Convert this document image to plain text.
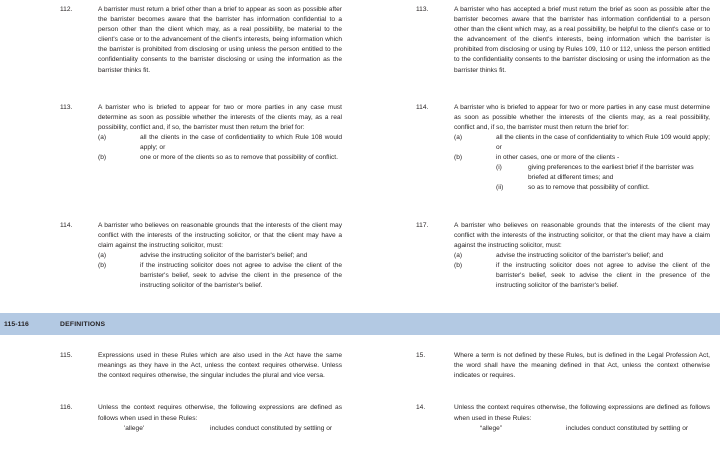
112.	A barrister must return a brief other than a brief to appear as soon as possible after the barrister becomes aware that the barrister has information confidential to a person other than the client which may, as a real possibility, be material to the client's case or to the advancement of the client's interests, being information which the barrister is prohibited from disclosing or using unless the person entitled to the confidentiality consents to the barrister disclosing or using the information as the barrister thinks fit.
113.	A barrister who has accepted a brief must return the brief as soon as possible after the barrister becomes aware that the barrister has information confidential to a person other than the client which may, as a real possibility, be helpful to the client's case or to the advancement of the client's interests, being information which the barrister is prohibited from disclosing or using by Rules 109, 110 or 112, unless the person entitled to the confidentiality consents to the barrister disclosing or using the information as the barrister thinks fit.
113.	A barrister who is briefed to appear for two or more parties in any case must determine as soon as possible whether the interests of the clients may, as a real possibility, conflict and, if so, the barrister must then return the brief for:
(a)	all the clients in the case of confidentiality to which Rule 108 would apply; or
(b)	one or more of the clients so as to remove that possibility of conflict.
114.	A barrister who is briefed to appear for two or more parties in any case must determine as soon as possible whether the interests of the clients may, as a real possibility, conflict and, if so, the barrister must then return the brief for:
(a)	all the clients in the case of confidentiality to which Rule 109 would apply; or
(b)	in other cases, one or more of the clients -
(i)	giving preferences to the earliest brief if the barrister was briefed at different times; and
(ii)	so as to remove that possibility of conflict.
114.	A barrister who believes on reasonable grounds that the interests of the client may conflict with the interests of the instructing solicitor, or that the client may have a claim against the instructing solicitor, must:
(a)	advise the instructing solicitor of the barrister's belief; and
(b)	if the instructing solicitor does not agree to advise the client of the barrister's belief, seek to advise the client in the presence of the instructing solicitor of the barrister's belief.
117.	A barrister who believes on reasonable grounds that the interests of the client may conflict with the interests of the instructing solicitor, or that the client may have a claim against the instructing solicitor, must:
(a)	advise the instructing solicitor of the barrister's belief; and
(b)	if the instructing solicitor does not agree to advise the client of the barrister's belief, seek to advise the client in the presence of the instructing solicitor of the barrister's belief.
115-116	DEFINITIONS
115.	Expressions used in these Rules which are also used in the Act have the same meanings as they have in the Act, unless the context requires otherwise. Unless the context requires otherwise, the singular includes the plural and vice versa.
15.	Where a term is not defined by these Rules, but is defined in the Legal Profession Act, the word shall have the meaning defined in that Act, unless the context otherwise indicates or requires.
116.	Unless the context requires otherwise, the following expressions are defined as follows when used in these Rules:
'allege'	includes conduct constituted by settling or
14.	Unless the context requires otherwise, the following expressions are defined as follows when used in these Rules:
“allege”	includes conduct constituted by settling or
